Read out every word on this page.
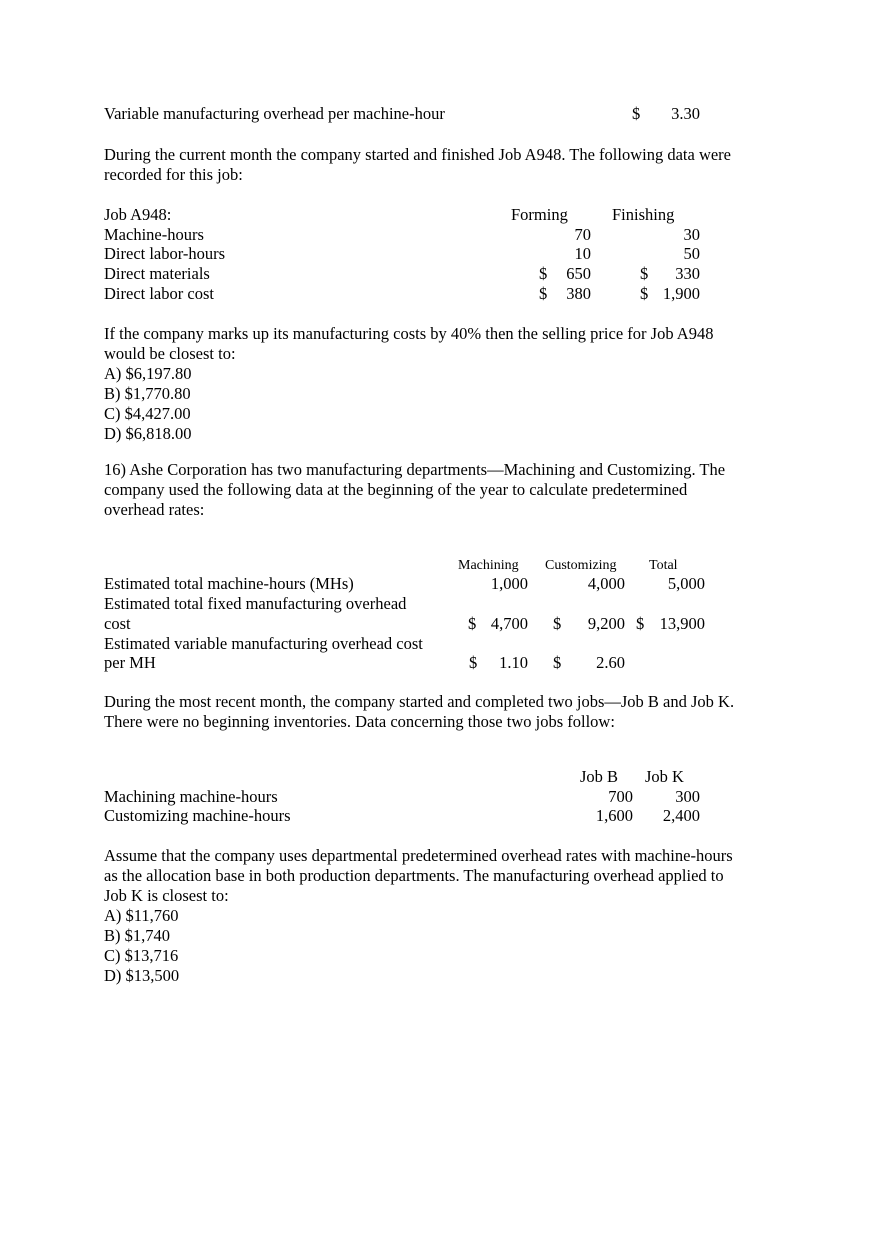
Variable manufacturing overhead per machine-hour	$	3.30
During the current month the company started and finished Job A948. The following data were
recorded for this job:
Job A948:	Forming	Finishing
Machine-hours	70	30
Direct labor-hours	10	50
Direct materials	$	650	$	330
Direct labor cost	$	380	$ 1,900
If the company marks up its manufacturing costs by 40% then the selling price for Job A948
would be closest to:
A) $6,197.80
B) $1,770.80
C) $4,427.00
D) $6,818.00
16) Ashe Corporation has two manufacturing departments—Machining and Customizing. The
company used the following data at the beginning of the year to calculate predetermined
overhead rates:
Machining Customizing Total
Estimated total machine-hours (MHs)	1,000	4,000	5,000
Estimated total fixed manufacturing overhead
cost	$ 4,700 $	9,200 $ 13,900
Estimated variable manufacturing overhead cost
per MH	$	1.10 $	2.60
During the most recent month, the company started and completed two jobs—Job B and Job K.
There were no beginning inventories. Data concerning those two jobs follow:
Job B Job K
Machining machine-hours	700	300
Customizing machine-hours	1,600	2,400
Assume that the company uses departmental predetermined overhead rates with machine-hours
as the allocation base in both production departments. The manufacturing overhead applied to
Job K is closest to:
A) $11,760
B) $1,740
C) $13,716
D) $13,500
